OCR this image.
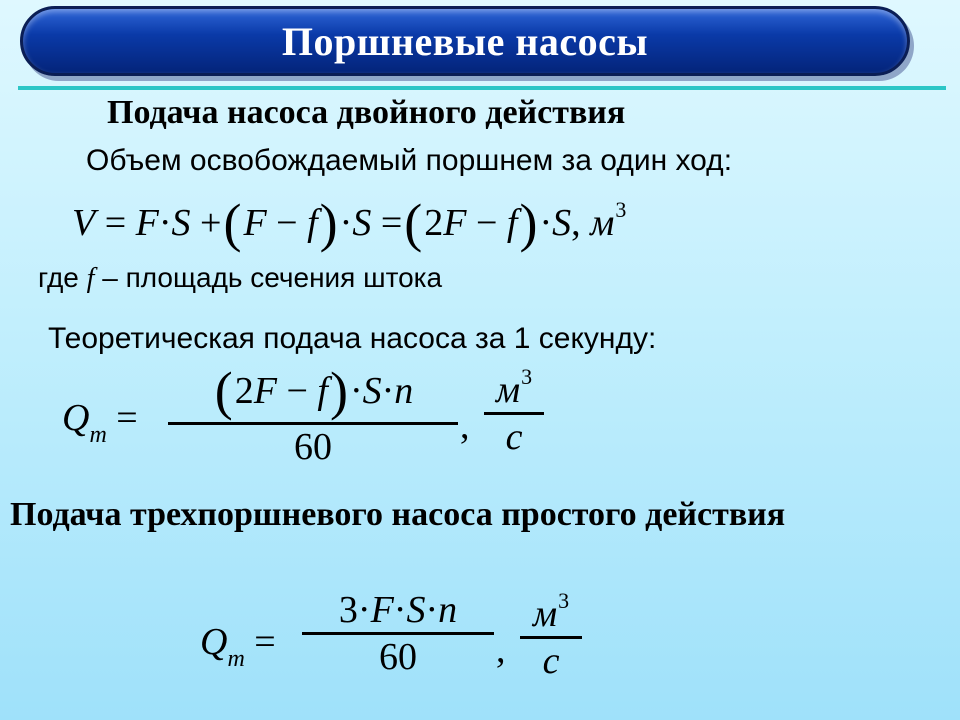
Поршневые насосы
Подача насоса двойного действия
Объем освобождаемый поршнем за один ход:
V = F·S +(F − f)·S =(2F − f)·S, $м^3$
где f – площадь сечения штока
Теоретическая подача насоса за 1 секунду:
$Q_т$ =	(2F − f)·S·n
60	,
$м^3$
с
Подача трехпоршневого насоса простого действия
$Q_т$ =
3·F·S·n
60	,
$м^3$
с
